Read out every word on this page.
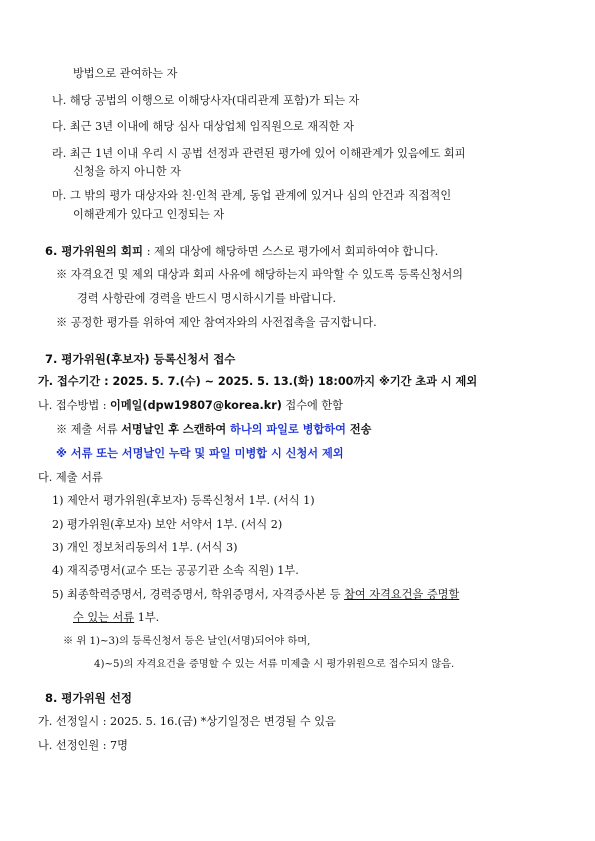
방법으로 관여하는 자
나. 해당 공법의 이행으로 이해당사자(대리관계 포함)가 되는 자
다. 최근 3년 이내에 해당 심사 대상업체 임직원으로 재직한 자
라. 최근 1년 이내 우리 시 공법 선정과 관련된 평가에 있어 이해관계가 있음에도 회피
신청을 하지 아니한 자
마. 그 밖의 평가 대상자와 친·인척 관계, 동업 관계에 있거나 심의 안건과 직접적인
이해관계가 있다고 인정되는 자
6. 평가위원의 회피 : 제외 대상에 해당하면 스스로 평가에서 회피하여야 합니다.
※ 자격요건 및 제외 대상과 회피 사유에 해당하는지 파악할 수 있도록 등록신청서의
경력 사항란에 경력을 반드시 명시하시기를 바랍니다.
※ 공정한 평가를 위하여 제안 참여자와의 사전접촉을 금지합니다.
7. 평가위원(후보자) 등록신청서 접수
가. 접수기간 : 2025. 5. 7.(수) ~ 2025. 5. 13.(화) 18:00까지 ※기간 초과 시 제외
나. 접수방법 : 이메일(dpw19807@korea.kr) 접수에 한함
※ 제출 서류 서명날인 후 스캔하여 하나의 파일로 병합하여 전송
※ 서류 또는 서명날인 누락 및 파일 미병합 시 신청서 제외
다. 제출 서류
1) 제안서 평가위원(후보자) 등록신청서 1부. (서식 1)
2) 평가위원(후보자) 보안 서약서 1부. (서식 2)
3) 개인 정보처리동의서 1부. (서식 3)
4) 재직증명서(교수 또는 공공기관 소속 직원) 1부.
5) 최종학력증명서, 경력증명서, 학위증명서, 자격증사본 등 참여 자격요건을 증명할
수 있는 서류 1부.
※ 위 1)~3)의 등록신청서 등은 날인(서명)되어야 하며,
4)~5)의 자격요건을 증명할 수 있는 서류 미제출 시 평가위원으로 접수되지 않음.
8. 평가위원 선정
가. 선정일시 : 2025. 5. 16.(금) *상기일정은 변경될 수 있음
나. 선정인원 : 7명
